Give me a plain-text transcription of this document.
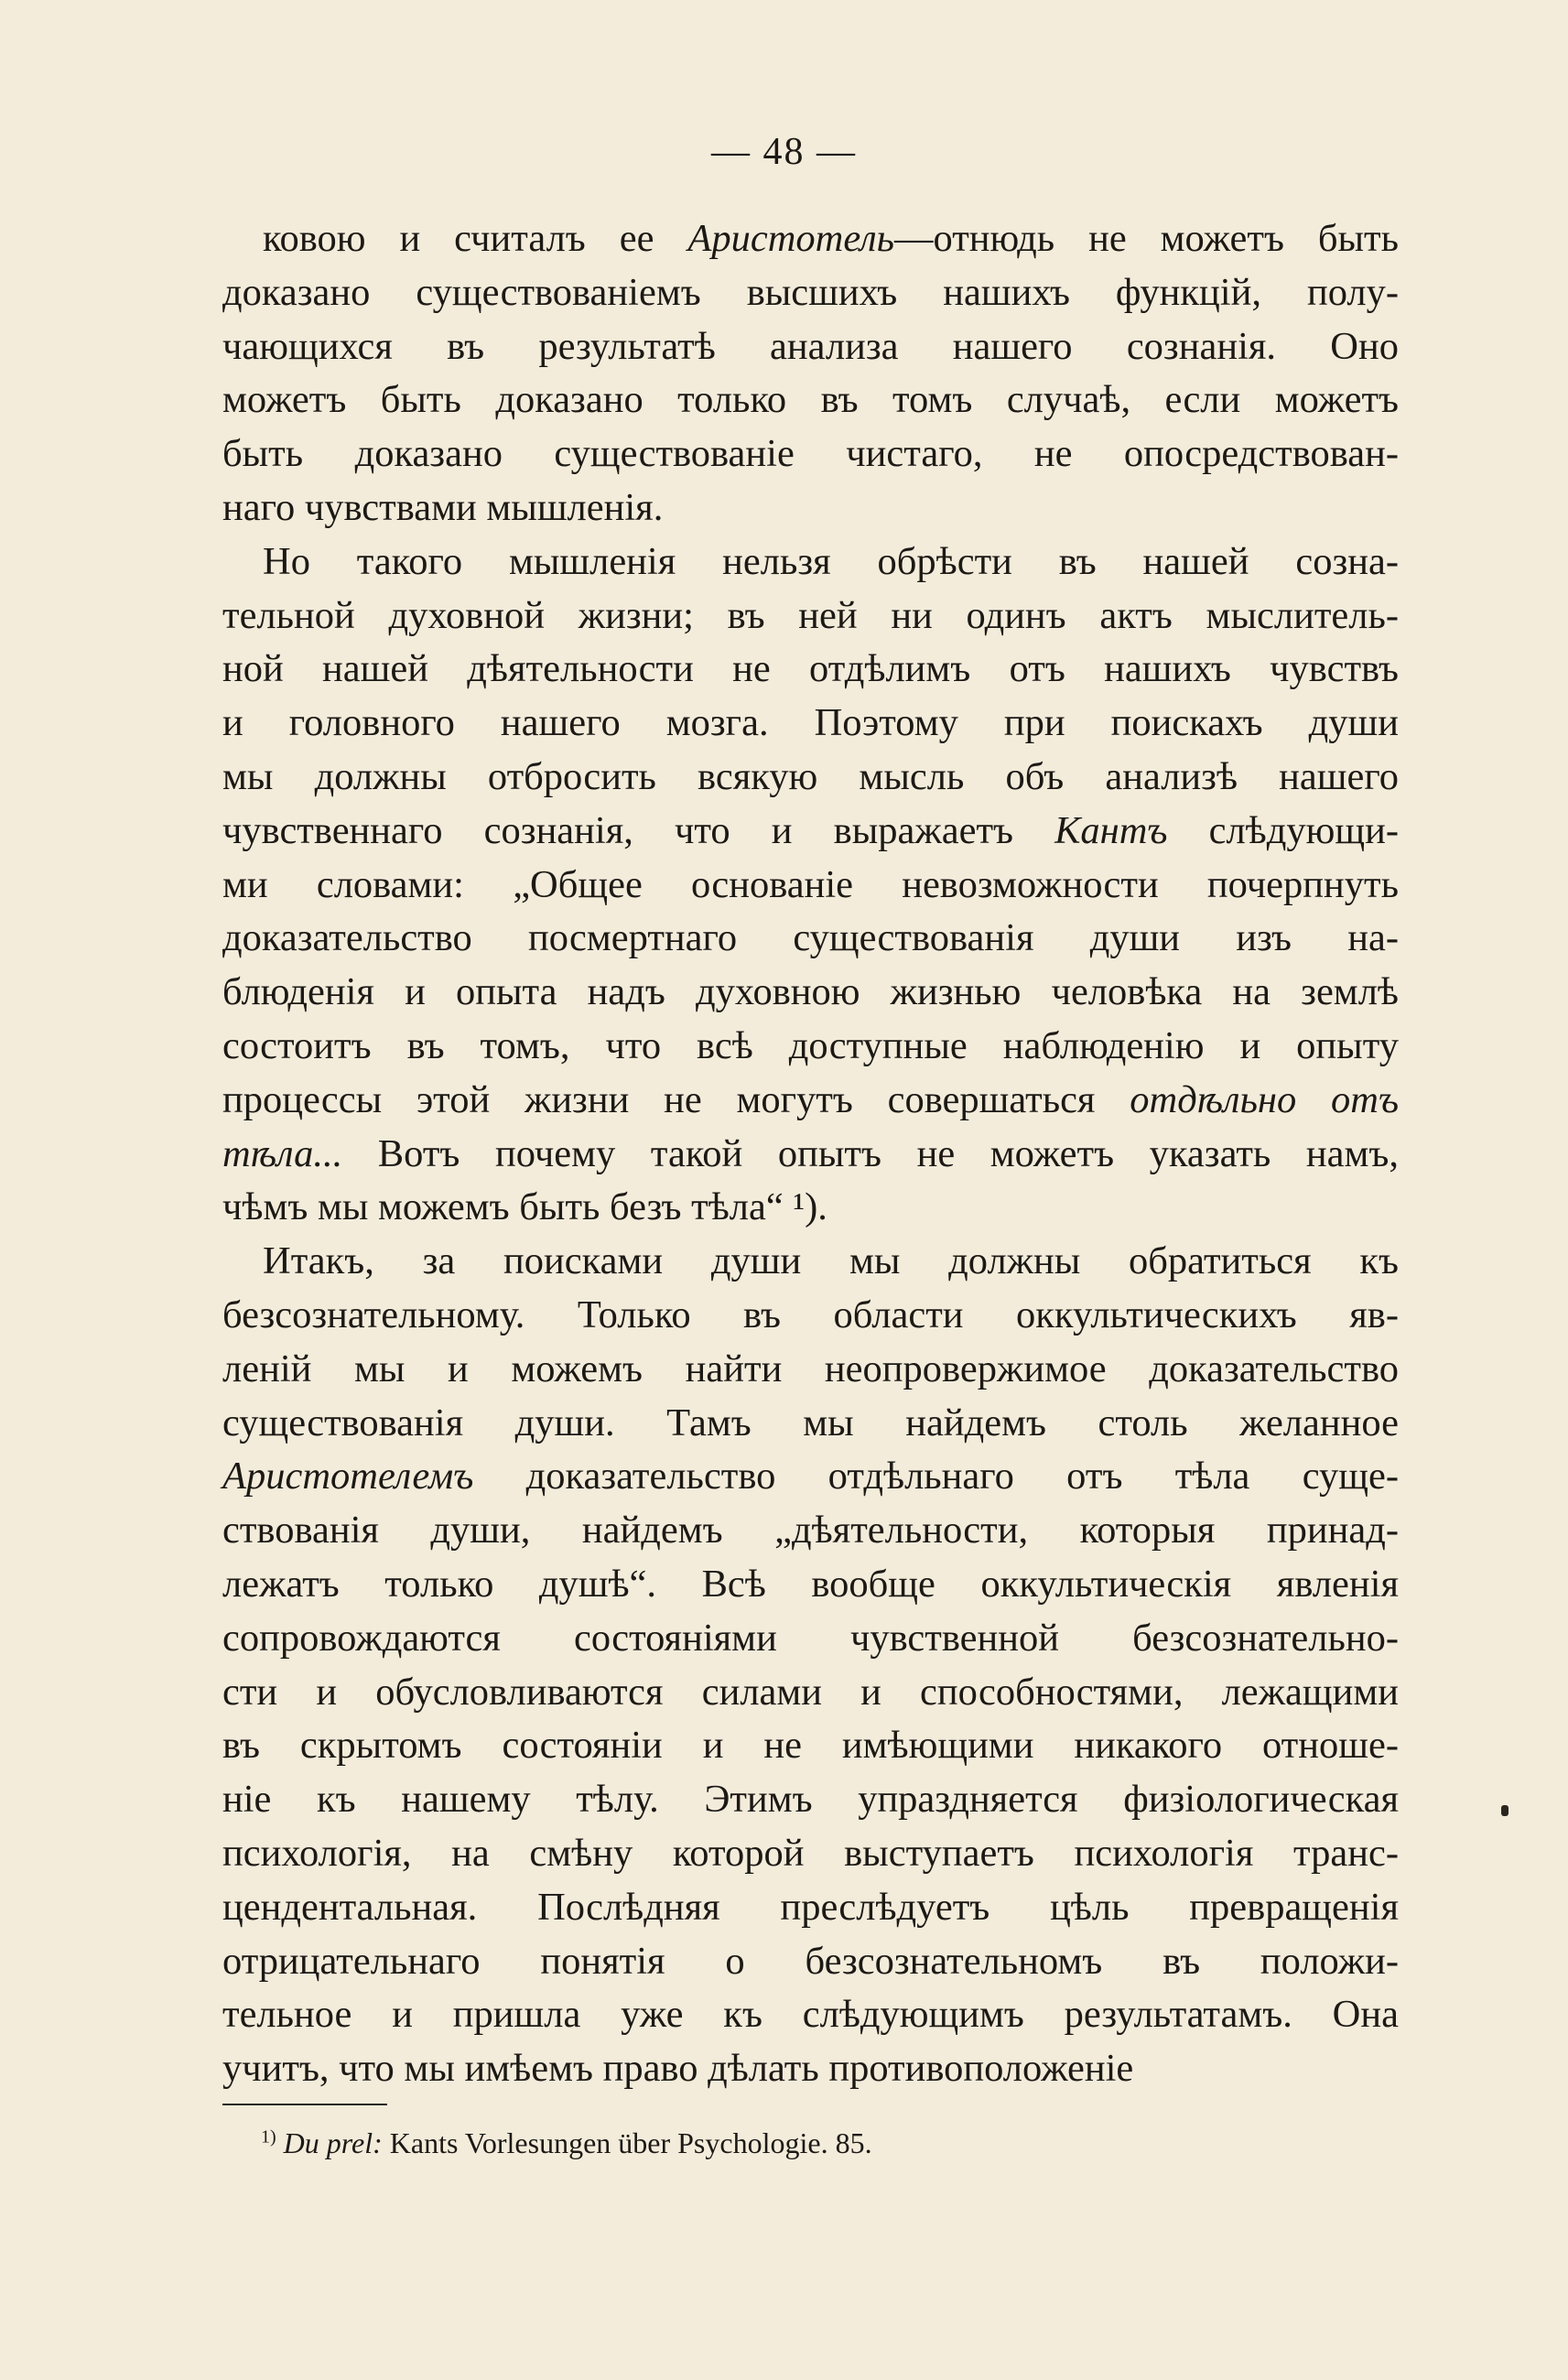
— 48 —

ковою и считалъ ее Аристотель—отнюдь не можетъ быть
доказано существованіемъ высшихъ нашихъ функцій, полу-
чающихся въ результатѣ анализа нашего сознанія. Оно
можетъ быть доказано только въ томъ случаѣ, если можетъ
быть доказано существованіе чистаго, не опосредствован-
наго чувствами мышленія.

Но такого мышленія нельзя обрѣсти въ нашей созна-
тельной духовной жизни; въ ней ни одинъ актъ мыслитель-
ной нашей дѣятельности не отдѣлимъ отъ нашихъ чувствъ
и головного нашего мозга. Поэтому при поискахъ души
мы должны отбросить всякую мысль объ анализѣ нашего
чувственнаго сознанія, что и выражаетъ Кантъ слѣдующи-
ми словами: „Общее основаніе невозможности почерпнуть
доказательство посмертнаго существованія души изъ на-
блюденія и опыта надъ духовною жизнью человѣка на землѣ
состоитъ въ томъ, что всѣ доступные наблюденію и опыту
процессы этой жизни не могутъ совершаться отдѣльно отъ
тѣла... Вотъ почему такой опытъ не можетъ указать намъ,
чѣмъ мы можемъ быть безъ тѣла“ ¹).

Итакъ, за поисками души мы должны обратиться къ
безсознательному. Только въ области оккультическихъ яв-
леній мы и можемъ найти неопровержимое доказательство
существованія души. Тамъ мы найдемъ столь желанное
Аристотелемъ доказательство отдѣльнаго отъ тѣла суще-
ствованія души, найдемъ „дѣятельности, которыя принад-
лежатъ только душѣ“. Всѣ вообще оккультическія явленія
сопровождаются состояніями чувственной безсознательно-
сти и обусловливаются силами и способностями, лежащими
въ скрытомъ состояніи и не имѣющими никакого отноше-
ніе къ нашему тѣлу. Этимъ упраздняется физіологическая
психологія, на смѣну которой выступаетъ психологія транс-
цендентальная. Послѣдняя преслѣдуетъ цѣль превращенія
отрицательнаго понятія о безсознательномъ въ положи-
тельное и пришла уже къ слѣдующимъ результатамъ. Она
учитъ, что мы имѣемъ право дѣлать противоположеніе

$^{1)}$ Du prel: Kants Vorlesungen über Psychologie. 85.
